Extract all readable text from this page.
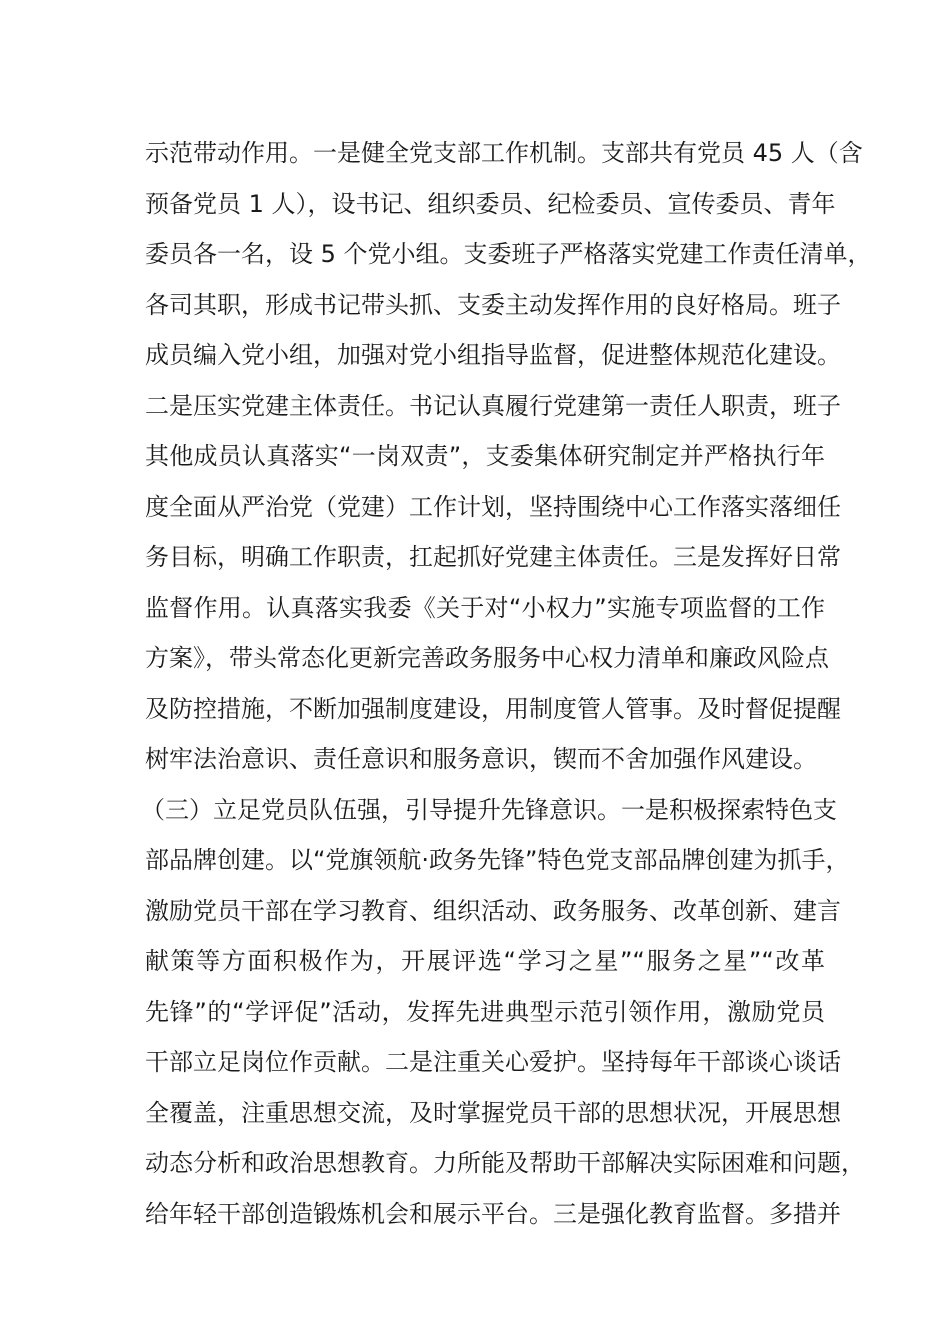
示范带动作用。一是健全党支部工作机制。支部共有党员 45 人（含
预备党员 1 人），设书记、组织委员、纪检委员、宣传委员、青年
委员各一名，设 5 个党小组。支委班子严格落实党建工作责任清单，
各司其职，形成书记带头抓、支委主动发挥作用的良好格局。班子
成员编入党小组，加强对党小组指导监督，促进整体规范化建设。
二是压实党建主体责任。书记认真履行党建第一责任人职责，班子
其他成员认真落实“一岗双责”，支委集体研究制定并严格执行年
度全面从严治党（党建）工作计划，坚持围绕中心工作落实落细任
务目标，明确工作职责，扛起抓好党建主体责任。三是发挥好日常
监督作用。认真落实我委《关于对“小权力”实施专项监督的工作
方案》，带头常态化更新完善政务服务中心权力清单和廉政风险点
及防控措施，不断加强制度建设，用制度管人管事。及时督促提醒
树牢法治意识、责任意识和服务意识，锲而不舍加强作风建设。
（三）立足党员队伍强，引导提升先锋意识。一是积极探索特色支
部品牌创建。以“党旗领航·政务先锋”特色党支部品牌创建为抓手，
激励党员干部在学习教育、组织活动、政务服务、改革创新、建言
献策等方面积极作为，开展评选“学习之星”“服务之星”“改革
先锋”的“学评促”活动，发挥先进典型示范引领作用，激励党员
干部立足岗位作贡献。二是注重关心爱护。坚持每年干部谈心谈话
全覆盖，注重思想交流，及时掌握党员干部的思想状况，开展思想
动态分析和政治思想教育。力所能及帮助干部解决实际困难和问题，
给年轻干部创造锻炼机会和展示平台。三是强化教育监督。多措并
